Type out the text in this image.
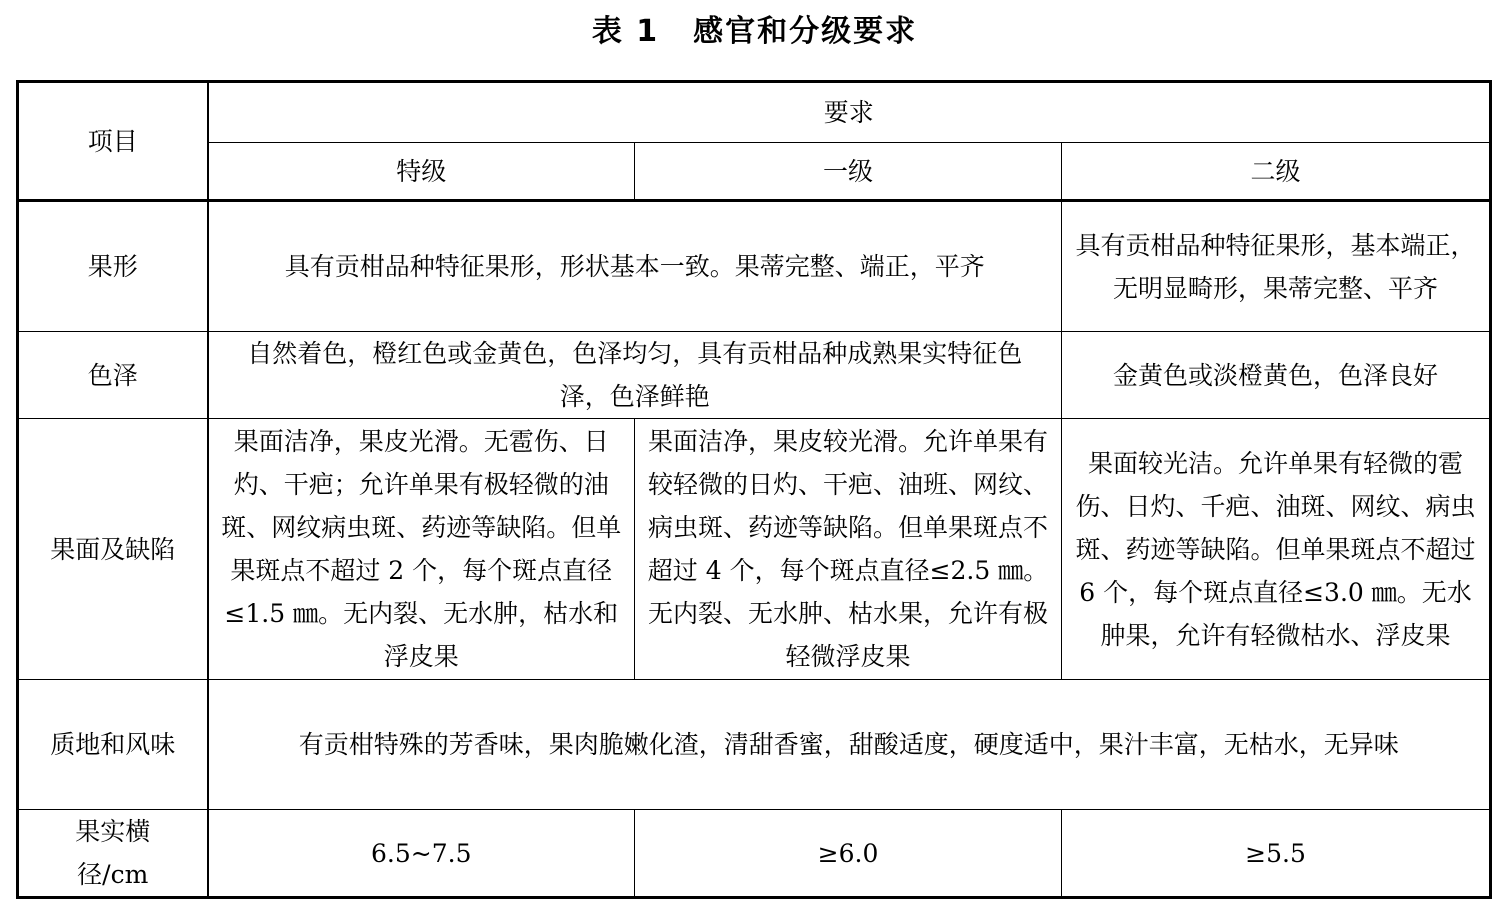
表 1 感官和分级要求
项目	要求		
	特级	一级	二级
果形	具有贡柑品种特征果形，形状基本一致。果蒂完整、端正，平齐		具有贡柑品种特征果形，基本端正，无明显畸形，果蒂完整、平齐
色泽	自然着色，橙红色或金黄色，色泽均匀，具有贡柑品种成熟果实特征色泽，色泽鲜艳		金黄色或淡橙黄色，色泽良好
果面及缺陷	果面洁净，果皮光滑。无雹伤、日灼、干疤；允许单果有极轻微的油斑、网纹病虫斑、药迹等缺陷。但单果斑点不超过 2 个，每个斑点直径≤1.5 ㎜。无内裂、无水肿，枯水和浮皮果	果面洁净，果皮较光滑。允许单果有较轻微的日灼、干疤、油班、网纹、病虫斑、药迹等缺陷。但单果斑点不超过 4 个，每个斑点直径≤2.5 ㎜。无内裂、无水肿、枯水果，允许有极轻微浮皮果	果面较光洁。允许单果有轻微的雹伤、日灼、千疤、油斑、网纹、病虫斑、药迹等缺陷。但单果斑点不超过 6 个，每个斑点直径≤3.0 ㎜。无水肿果，允许有轻微枯水、浮皮果
质地和风味	有贡柑特殊的芳香味，果肉脆嫩化渣，清甜香蜜，甜酸适度，硬度适中，果汁丰富，无枯水，无异味		
果实横径/cm	6.5~7.5	≥6.0	≥5.5
